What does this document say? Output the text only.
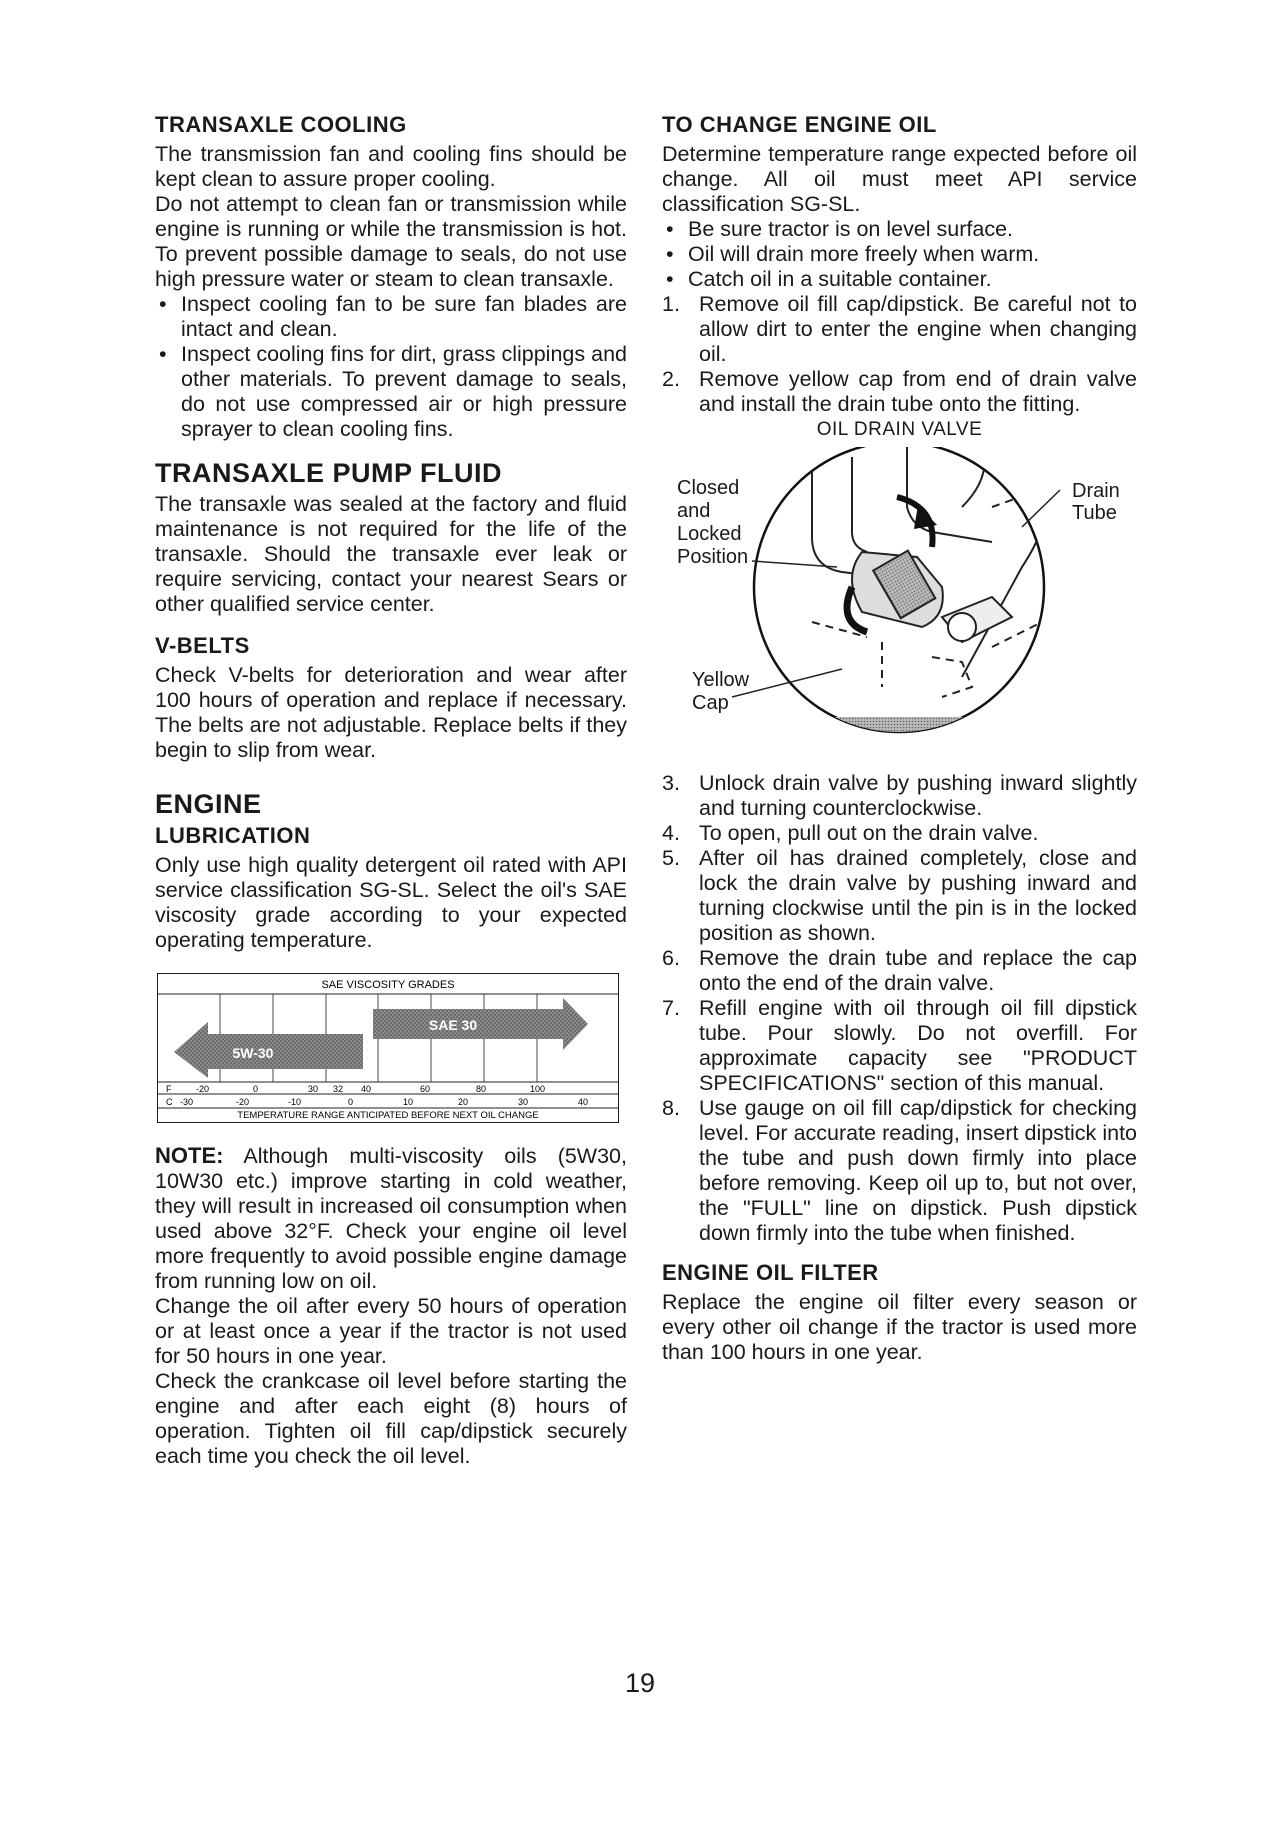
TRANSAXLE COOLING

The transmission fan and cooling fins should be kept clean to assure proper cooling.

Do not attempt to clean fan or transmission while engine is running or while the transmission is hot. To prevent possible damage to seals, do not use high pressure water or steam to clean transaxle.

• Inspect cooling fan to be sure fan blades are intact and clean.
• Inspect cooling fins for dirt, grass clippings and other materials. To prevent damage to seals, do not use compressed air or high pressure sprayer to clean cooling fins.
TRANSAXLE PUMP FLUID

The transaxle was sealed at the factory and fluid maintenance is not required for the life of the transaxle. Should the transaxle ever leak or require servicing, contact your nearest Sears or other qualified service center.

V-BELTS

Check V-belts for deterioration and wear after 100 hours of operation and replace if necessary. The belts are not adjustable. Replace belts if they begin to slip from wear.

ENGINE
LUBRICATION

Only use high quality detergent oil rated with API service classification SG-SL. Select the oil's SAE viscosity grade according to your expected operating temperature.

SAE VISCOSITY GRADES
SAE 30
5W-30
F	-20	0	30 32 40	60	80	100
C -30	-20	-10	0	10	20	30	40
TEMPERATURE RANGE ANTICIPATED BEFORE NEXT OIL CHANGE

NOTE: Although multi-viscosity oils (5W30, 10W30 etc.) improve starting in cold weather, they will result in increased oil consumption when used above 32°F. Check your engine oil level more frequently to avoid possible engine damage from running low on oil.

Change the oil after every 50 hours of operation or at least once a year if the tractor is not used for 50 hours in one year.

Check the crankcase oil level before starting the engine and after each eight (8) hours of operation. Tighten oil fill cap/dipstick securely each time you check the oil level.

TO CHANGE ENGINE OIL

Determine temperature range expected before oil change. All oil must meet API service classification SG-SL.

• Be sure tractor is on level surface.
• Oil will drain more freely when warm.
• Catch oil in a suitable container.
1. Remove oil fill cap/dipstick. Be careful not to allow dirt to enter the engine when changing oil.
2. Remove yellow cap from end of drain valve and install the drain tube onto the fitting.
OIL DRAIN VALVE
Closed
and
Locked
Position
Drain
Tube
Yellow
Cap
3. Unlock drain valve by pushing inward slightly and turning counterclockwise.
4. To open, pull out on the drain valve.
5. After oil has drained completely, close and lock the drain valve by pushing inward and turning clockwise until the pin is in the locked position as shown.
6. Remove the drain tube and replace the cap onto the end of the drain valve.
7. Refill engine with oil through oil fill dipstick tube. Pour slowly. Do not overfill. For approximate capacity see "PRODUCT SPECIFICATIONS" section of this manual.
8. Use gauge on oil fill cap/dipstick for checking level. For accurate reading, insert dipstick into the tube and push down firmly into place before removing. Keep oil up to, but not over, the "FULL" line on dipstick. Push dipstick down firmly into the tube when finished.
ENGINE OIL FILTER

Replace the engine oil filter every season or every other oil change if the tractor is used more than 100 hours in one year.

19
